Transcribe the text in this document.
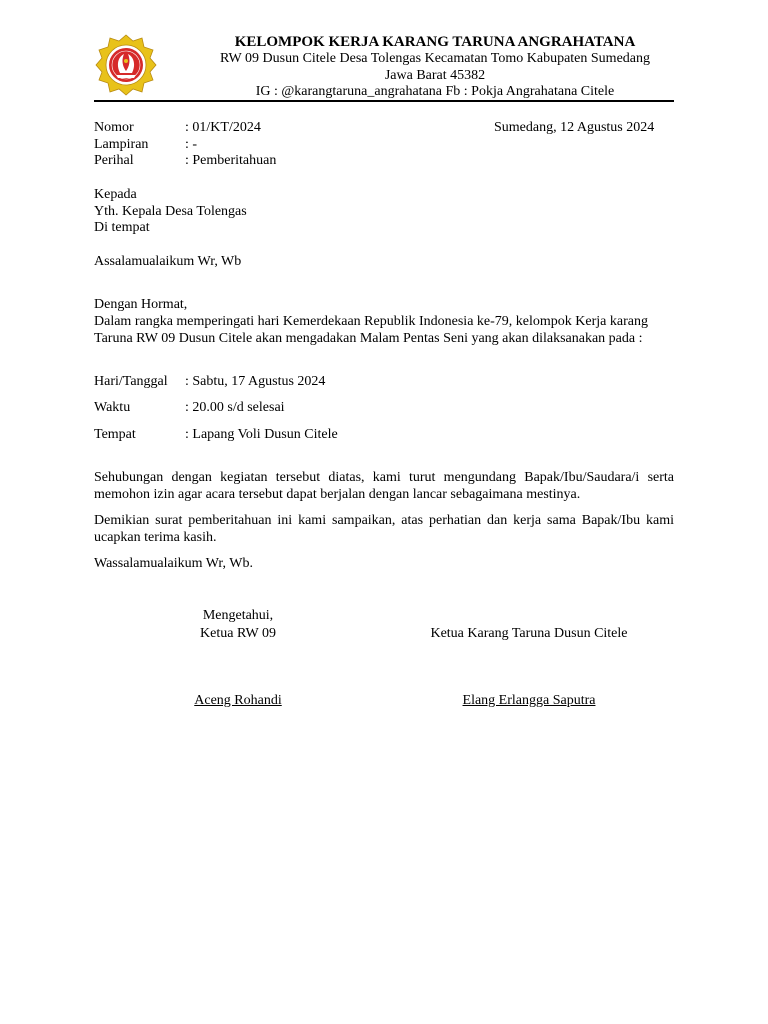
KELOMPOK KERJA KARANG TARUNA ANGRAHATANA
RW 09 Dusun Citele Desa Tolengas Kecamatan Tomo Kabupaten Sumedang
Jawa Barat 45382
IG : @karangtaruna_angrahatana Fb : Pokja Angrahatana Citele
Nomor	: 01/KT/2024
Lampiran	: -
Perihal	: Pemberitahuan
Sumedang, 12 Agustus 2024
Kepada
Yth. Kepala Desa Tolengas
Di tempat
Assalamualaikum Wr, Wb
Dengan Hormat,
Dalam rangka memperingati hari Kemerdekaan Republik Indonesia ke-79, kelompok Kerja karang Taruna RW 09 Dusun Citele akan mengadakan Malam Pentas Seni yang akan dilaksanakan pada :
Hari/Tanggal : Sabtu, 17 Agustus 2024
Waktu	: 20.00 s/d selesai
Tempat	: Lapang Voli Dusun Citele
Sehubungan dengan kegiatan tersebut diatas, kami turut mengundang Bapak/Ibu/Saudara/i serta memohon izin agar acara tersebut dapat berjalan dengan lancar sebagaimana mestinya.
Demikian surat pemberitahuan ini kami sampaikan, atas perhatian dan kerja sama Bapak/Ibu kami ucapkan terima kasih.
Wassalamualaikum Wr, Wb.
Mengetahui,
Ketua RW 09
Aceng Rohandi
Ketua Karang Taruna Dusun Citele
Elang Erlangga Saputra
